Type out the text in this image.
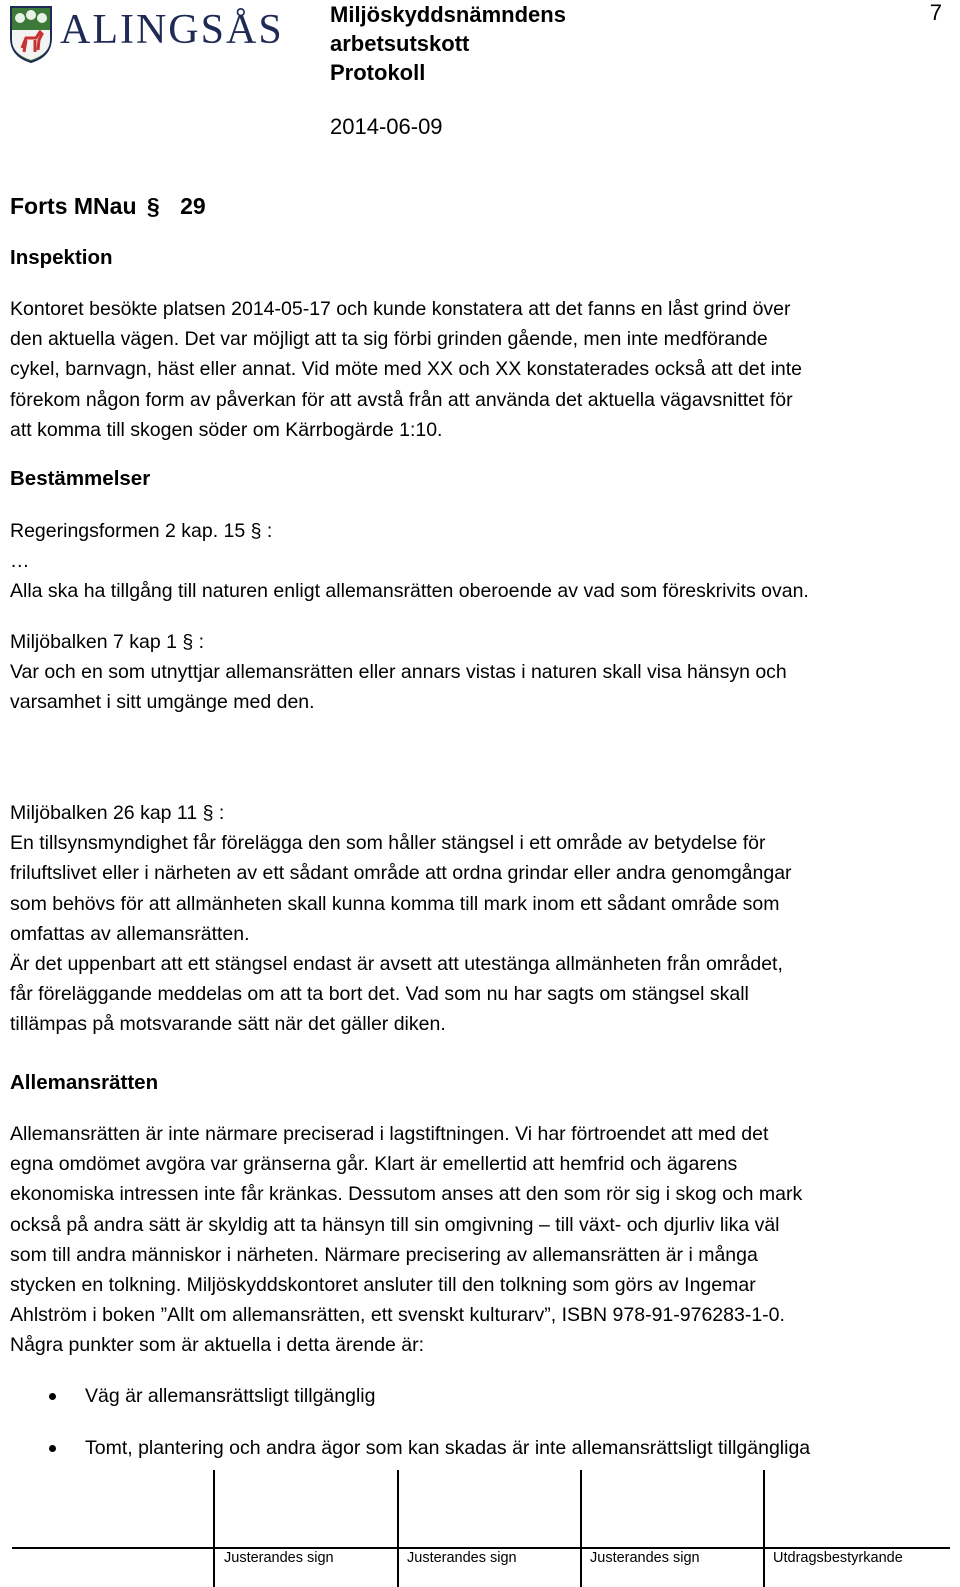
ALINGSÅS Miljöskyddsnämndens
arbetsutskott
Protokoll
7
2014-06-09
Forts MNau § 29
Inspektion
Kontoret besökte platsen 2014-05-17 och kunde konstatera att det fanns en låst grind över
den aktuella vägen. Det var möjligt att ta sig förbi grinden gående, men inte medförande
cykel, barnvagn, häst eller annat. Vid möte med XX och XX konstaterades också att det inte
förekom någon form av påverkan för att avstå från att använda det aktuella vägavsnittet för
att komma till skogen söder om Kärrbogärde 1:10.
Bestämmelser
Regeringsformen 2 kap. 15 § :
…
Alla ska ha tillgång till naturen enligt allemansrätten oberoende av vad som föreskrivits ovan.
Miljöbalken 7 kap 1 § :
Var och en som utnyttjar allemansrätten eller annars vistas i naturen skall visa hänsyn och
varsamhet i sitt umgänge med den.
Miljöbalken 26 kap 11 § :
En tillsynsmyndighet får förelägga den som håller stängsel i ett område av betydelse för
friluftslivet eller i närheten av ett sådant område att ordna grindar eller andra genomgångar
som behövs för att allmänheten skall kunna komma till mark inom ett sådant område som
omfattas av allemansrätten.
Är det uppenbart att ett stängsel endast är avsett att utestänga allmänheten från området,
får föreläggande meddelas om att ta bort det. Vad som nu har sagts om stängsel skall
tillämpas på motsvarande sätt när det gäller diken.
Allemansrätten
Allemansrätten är inte närmare preciserad i lagstiftningen. Vi har förtroendet att med det
egna omdömet avgöra var gränserna går. Klart är emellertid att hemfrid och ägarens
ekonomiska intressen inte får kränkas. Dessutom anses att den som rör sig i skog och mark
också på andra sätt är skyldig att ta hänsyn till sin omgivning – till växt- och djurliv lika väl
som till andra människor i närheten. Närmare precisering av allemansrätten är i många
stycken en tolkning. Miljöskyddskontoret ansluter till den tolkning som görs av Ingemar
Ahlström i boken ”Allt om allemansrätten, ett svenskt kulturarv”, ISBN 978-91-976283-1-0.
Några punkter som är aktuella i detta ärende är:
Väg är allemansrättsligt tillgänglig
Tomt, plantering och andra ägor som kan skadas är inte allemansrättsligt tillgängliga
Justerandes sign	Justerandes sign	Justerandes sign	Utdragsbestyrkande
